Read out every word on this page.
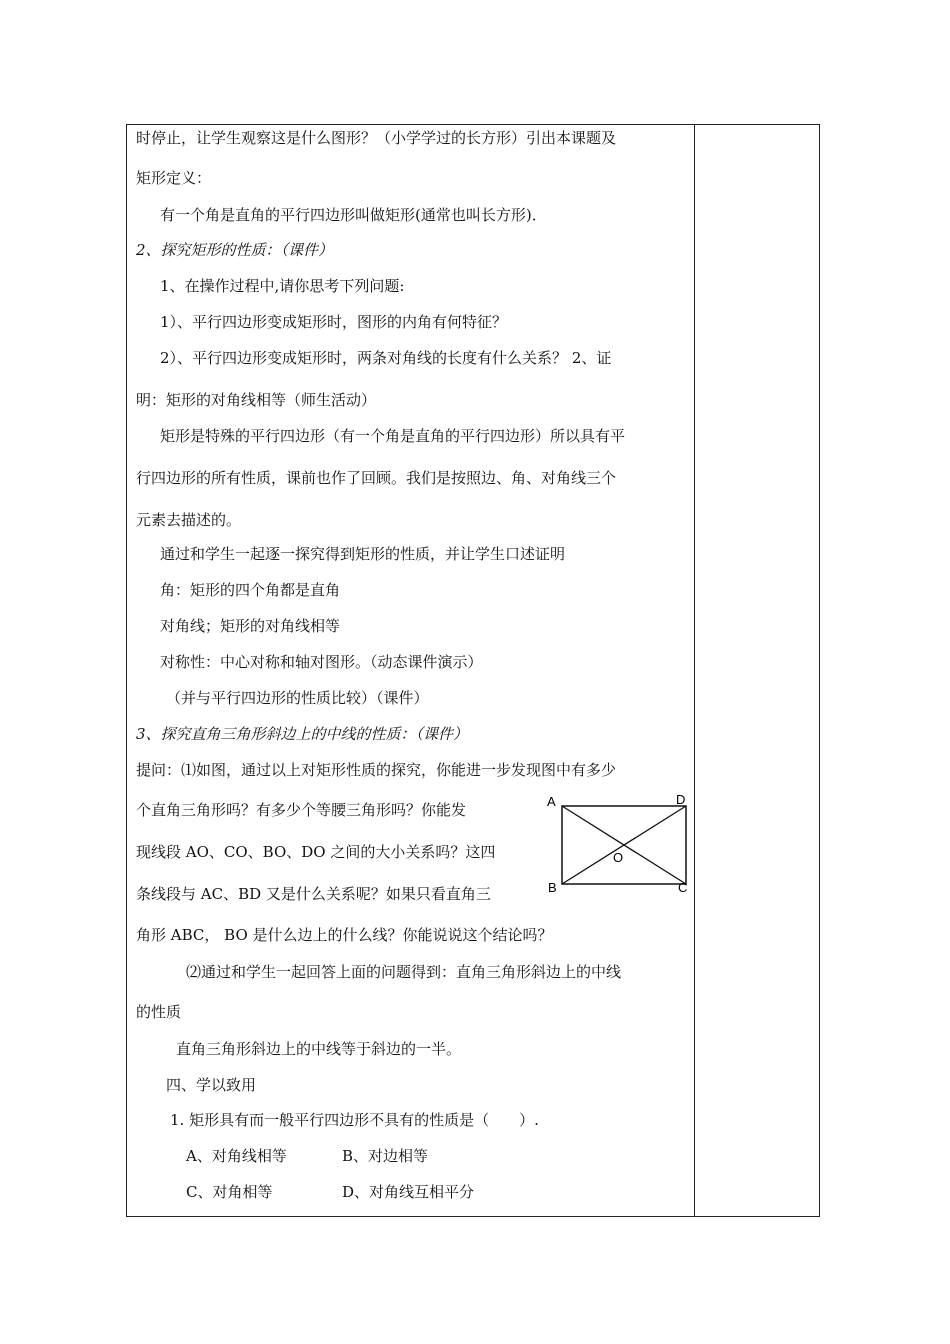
时停止，让学生观察这是什么图形？（小学学过的长方形）引出本课题及
矩形定义：
有一个角是直角的平行四边形叫做矩形(通常也叫长方形)．
2、探究矩形的性质：（课件）
1、在操作过程中,请你思考下列问题:
1）、平行四边形变成矩形时，图形的内角有何特征？
2）、平行四边形变成矩形时，两条对角线的长度有什么关系？ 2、证
明：矩形的对角线相等（师生活动）
矩形是特殊的平行四边形（有一个角是直角的平行四边形）所以具有平
行四边形的所有性质，课前也作了回顾。我们是按照边、角、对角线三个
元素去描述的。
通过和学生一起逐一探究得到矩形的性质，并让学生口述证明
角：矩形的四个角都是直角
对角线；矩形的对角线相等
对称性：中心对称和轴对图形。（动态课件演示）
（并与平行四边形的性质比较）（课件）
3、探究直角三角形斜边上的中线的性质：（课件）
提问：⑴如图，通过以上对矩形性质的探究，你能进一步发现图中有多少
个直角三角形吗？有多少个等腰三角形吗？你能发
现线段 AO、CO、BO、DO 之间的大小关系吗？这四
条线段与 AC、BD 又是什么关系呢？如果只看直角三
角形 ABC， BO 是什么边上的什么线？你能说说这个结论吗？
⑵通过和学生一起回答上面的问题得到：直角三角形斜边上的中线
的性质
直角三角形斜边上的中线等于斜边的一半。
四、学以致用
1. 矩形具有而一般平行四边形不具有的性质是（　　）.
A、对角线相等	B、对边相等
C、对角相等	D、对角线互相平分
A	D
B	C
O
